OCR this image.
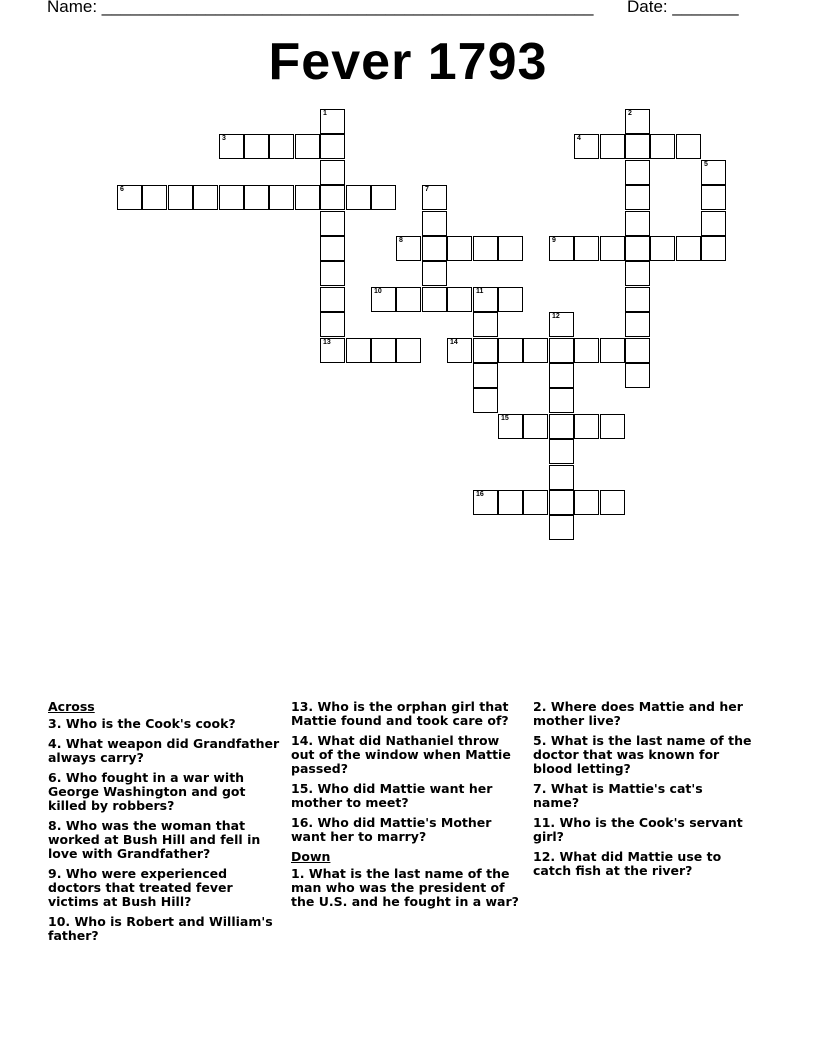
Name: ____________________________________________________ Date: _______
Fever 1793
1
13
2
3	4
5
6	7
8	9
10	11
12
14
15
16
Across
3. Who is the Cook's cook?
4. What weapon did Grandfather always carry?
6. Who fought in a war with George Washington and got killed by robbers?
8. Who was the woman that worked at Bush Hill and fell in love with Grandfather?
9. Who were experienced doctors that treated fever victims at Bush Hill?
10. Who is Robert and William's father?
13. Who is the orphan girl that Mattie found and took care of?
14. What did Nathaniel throw out of the window when Mattie passed?
15. Who did Mattie want her mother to meet?
16. Who did Mattie's Mother want her to marry?
Down
1. What is the last name of the man who was the president of the U.S. and he fought in a war?
2. Where does Mattie and her mother live?
5. What is the last name of the doctor that was known for blood letting?
7. What is Mattie's cat's name?
11. Who is the Cook's servant girl?
12. What did Mattie use to catch fish at the river?
